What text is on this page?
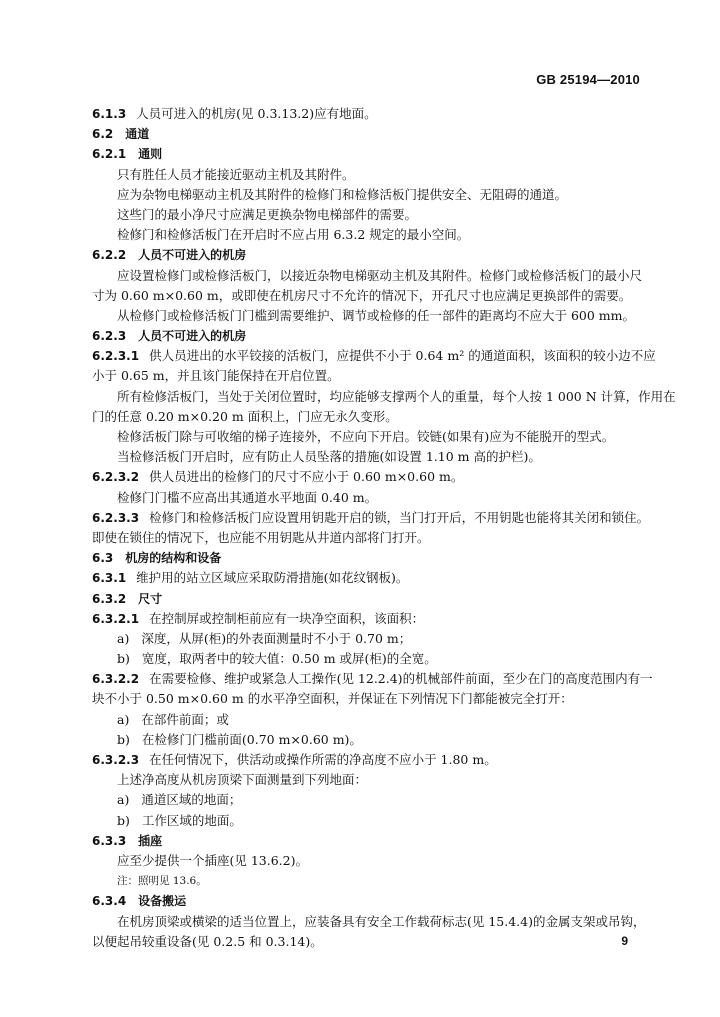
GB 25194—2010
6.1.3 人员可进入的机房(见 0.3.13.2)应有地面。
6.2　通道
6.2.1　通则
只有胜任人员才能接近驱动主机及其附件。
应为杂物电梯驱动主机及其附件的检修门和检修活板门提供安全、无阻碍的通道。
这些门的最小净尺寸应满足更换杂物电梯部件的需要。
检修门和检修活板门在开启时不应占用 6.3.2 规定的最小空间。
6.2.2　人员不可进入的机房
应设置检修门或检修活板门，以接近杂物电梯驱动主机及其附件。检修门或检修活板门的最小尺
寸为 0.60 m×0.60 m，或即使在机房尺寸不允许的情况下，开孔尺寸也应满足更换部件的需要。
从检修门或检修活板门门槛到需要维护、调节或检修的任一部件的距离均不应大于 600 mm。
6.2.3　人员不可进入的机房
6.2.3.1 供人员进出的水平铰接的活板门，应提供不小于 0.64 m² 的通道面积，该面积的较小边不应
小于 0.65 m，并且该门能保持在开启位置。
所有检修活板门，当处于关闭位置时，均应能够支撑两个人的重量，每个人按 1 000 N 计算，作用在
门的任意 0.20 m×0.20 m 面积上，门应无永久变形。
检修活板门除与可收缩的梯子连接外，不应向下开启。铰链(如果有)应为不能脱开的型式。
当检修活板门开启时，应有防止人员坠落的措施(如设置 1.10 m 高的护栏)。
6.2.3.2 供人员进出的检修门的尺寸不应小于 0.60 m×0.60 m。
检修门门槛不应高出其通道水平地面 0.40 m。
6.2.3.3 检修门和检修活板门应设置用钥匙开启的锁，当门打开后，不用钥匙也能将其关闭和锁住。
即使在锁住的情况下，也应能不用钥匙从井道内部将门打开。
6.3　机房的结构和设备
6.3.1 维护用的站立区域应采取防滑措施(如花纹钢板)。
6.3.2　尺寸
6.3.2.1 在控制屏或控制柜前应有一块净空面积，该面积：
a) 深度，从屏(柜)的外表面测量时不小于 0.70 m；
b) 宽度，取两者中的较大值：0.50 m 或屏(柜)的全宽。
6.3.2.2 在需要检修、维护或紧急人工操作(见 12.2.4)的机械部件前面，至少在门的高度范围内有一
块不小于 0.50 m×0.60 m 的水平净空面积，并保证在下列情况下门都能被完全打开：
a) 在部件前面；或
b) 在检修门门槛前面(0.70 m×0.60 m)。
6.3.2.3 在任何情况下，供活动或操作所需的净高度不应小于 1.80 m。
上述净高度从机房顶梁下面测量到下列地面：
a) 通道区域的地面；
b) 工作区域的地面。
6.3.3　插座
应至少提供一个插座(见 13.6.2)。
注：照明见 13.6。
6.3.4　设备搬运
在机房顶梁或横梁的适当位置上，应装备具有安全工作载荷标志(见 15.4.4)的金属支架或吊钩，
以便起吊较重设备(见 0.2.5 和 0.3.14)。	9
